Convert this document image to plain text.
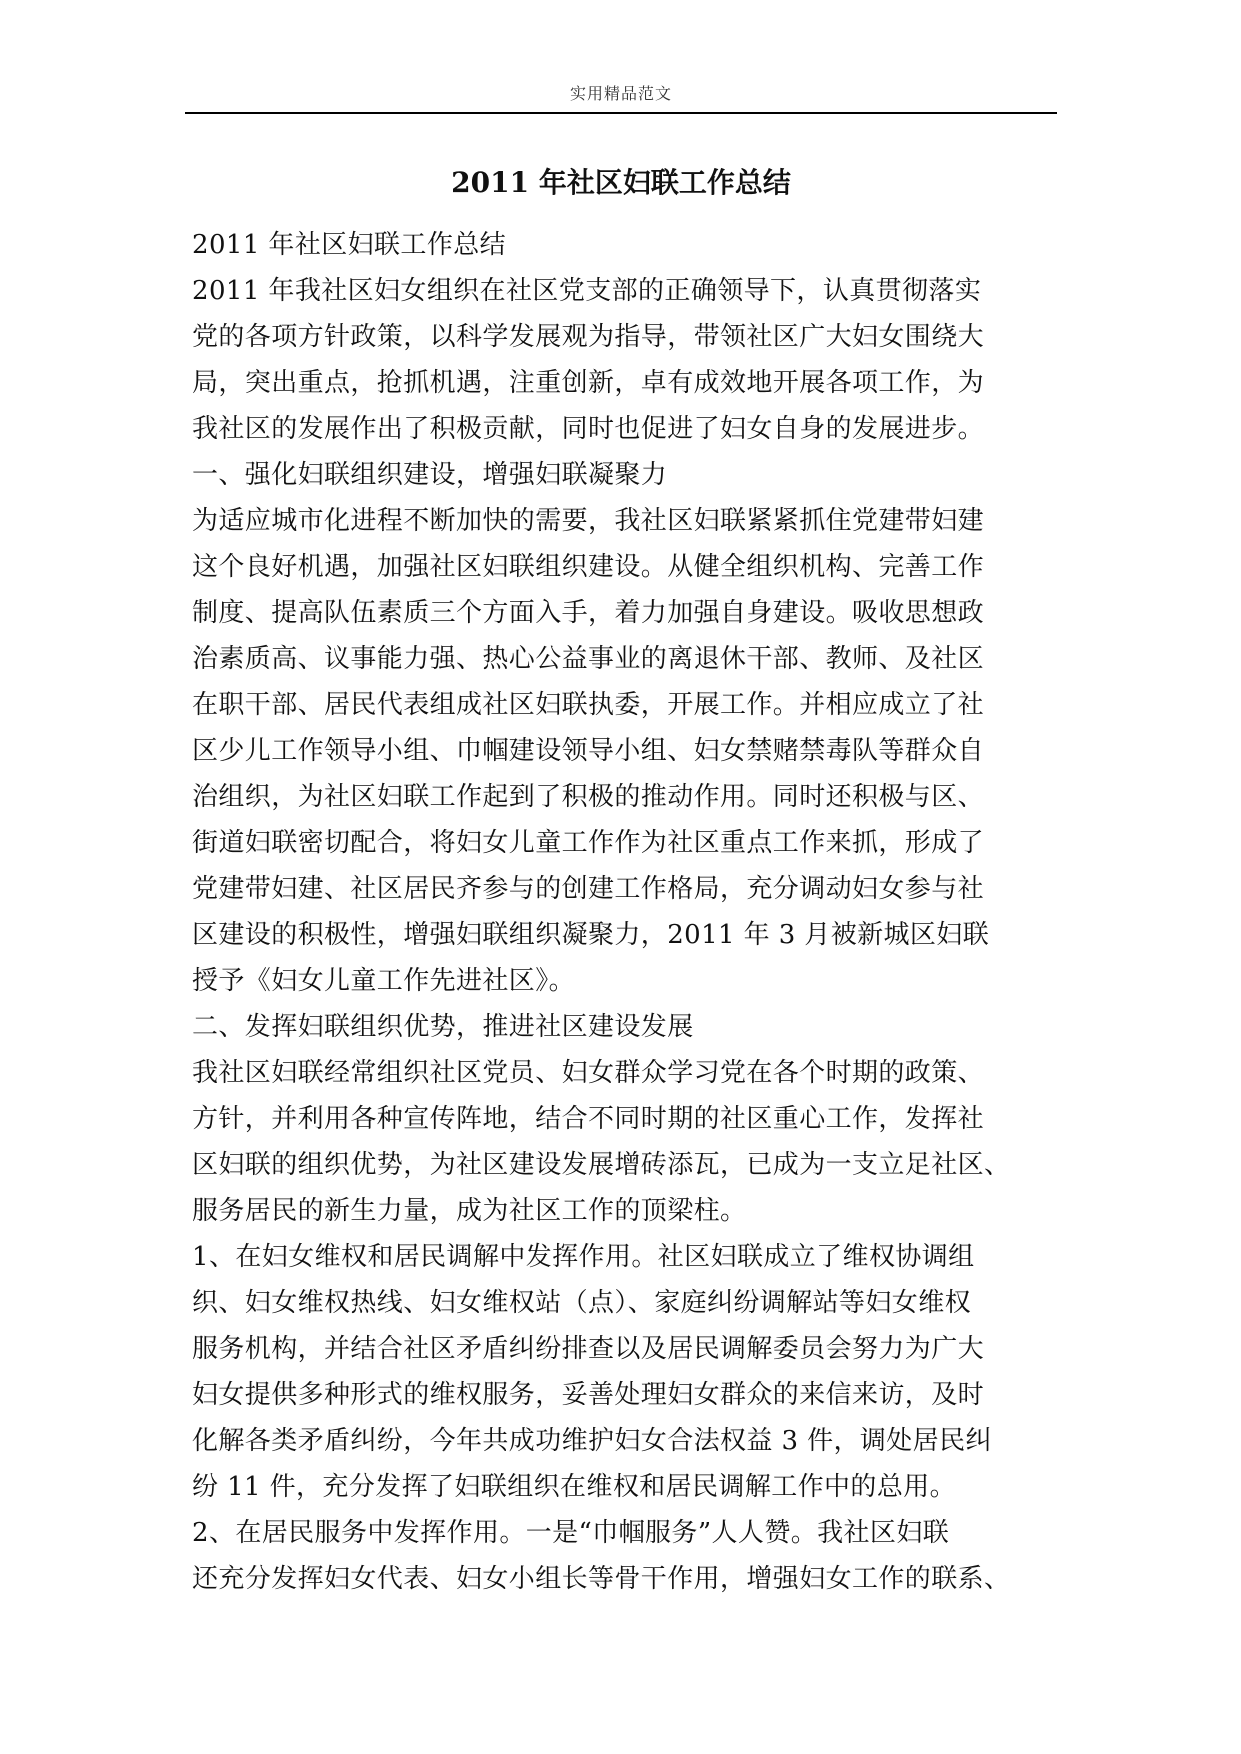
实用精品范文
2011 年社区妇联工作总结
2011 年社区妇联工作总结
2011 年我社区妇女组织在社区党支部的正确领导下，认真贯彻落实
党的各项方针政策，以科学发展观为指导，带领社区广大妇女围绕大
局，突出重点，抢抓机遇，注重创新，卓有成效地开展各项工作，为
我社区的发展作出了积极贡献，同时也促进了妇女自身的发展进步。
一、强化妇联组织建设，增强妇联凝聚力
为适应城市化进程不断加快的需要，我社区妇联紧紧抓住党建带妇建
这个良好机遇，加强社区妇联组织建设。从健全组织机构、完善工作
制度、提高队伍素质三个方面入手，着力加强自身建设。吸收思想政
治素质高、议事能力强、热心公益事业的离退休干部、教师、及社区
在职干部、居民代表组成社区妇联执委，开展工作。并相应成立了社
区少儿工作领导小组、巾帼建设领导小组、妇女禁赌禁毒队等群众自
治组织，为社区妇联工作起到了积极的推动作用。同时还积极与区、
街道妇联密切配合，将妇女儿童工作作为社区重点工作来抓，形成了
党建带妇建、社区居民齐参与的创建工作格局，充分调动妇女参与社
区建设的积极性，增强妇联组织凝聚力，2011 年 3 月被新城区妇联
授予《妇女儿童工作先进社区》。
二、发挥妇联组织优势，推进社区建设发展
我社区妇联经常组织社区党员、妇女群众学习党在各个时期的政策、
方针，并利用各种宣传阵地，结合不同时期的社区重心工作，发挥社
区妇联的组织优势，为社区建设发展增砖添瓦，已成为一支立足社区、
服务居民的新生力量，成为社区工作的顶梁柱。
1、在妇女维权和居民调解中发挥作用。社区妇联成立了维权协调组
织、妇女维权热线、妇女维权站（点）、家庭纠纷调解站等妇女维权
服务机构，并结合社区矛盾纠纷排查以及居民调解委员会努力为广大
妇女提供多种形式的维权服务，妥善处理妇女群众的来信来访，及时
化解各类矛盾纠纷，今年共成功维护妇女合法权益 3 件，调处居民纠
纷 11 件，充分发挥了妇联组织在维权和居民调解工作中的总用。
2、在居民服务中发挥作用。一是“巾帼服务”人人赞。我社区妇联
还充分发挥妇女代表、妇女小组长等骨干作用，增强妇女工作的联系、
